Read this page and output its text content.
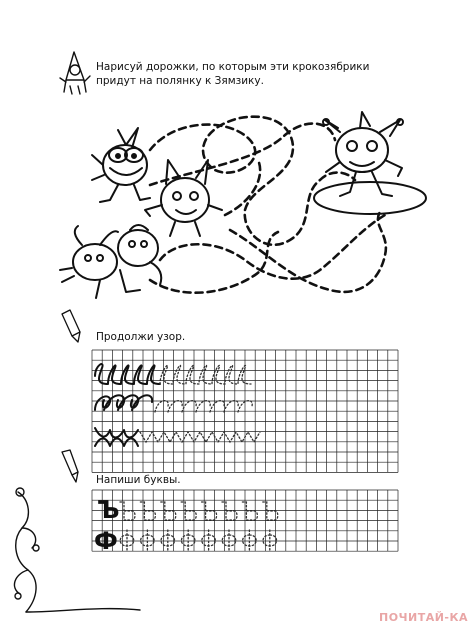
Нарисуй дорожки, по которым эти крокозябрики придут на полянку к Зямзику.
Продолжи узор.
Напиши буквы.
Ъ
Ф
ПОЧИТАЙ-КА
